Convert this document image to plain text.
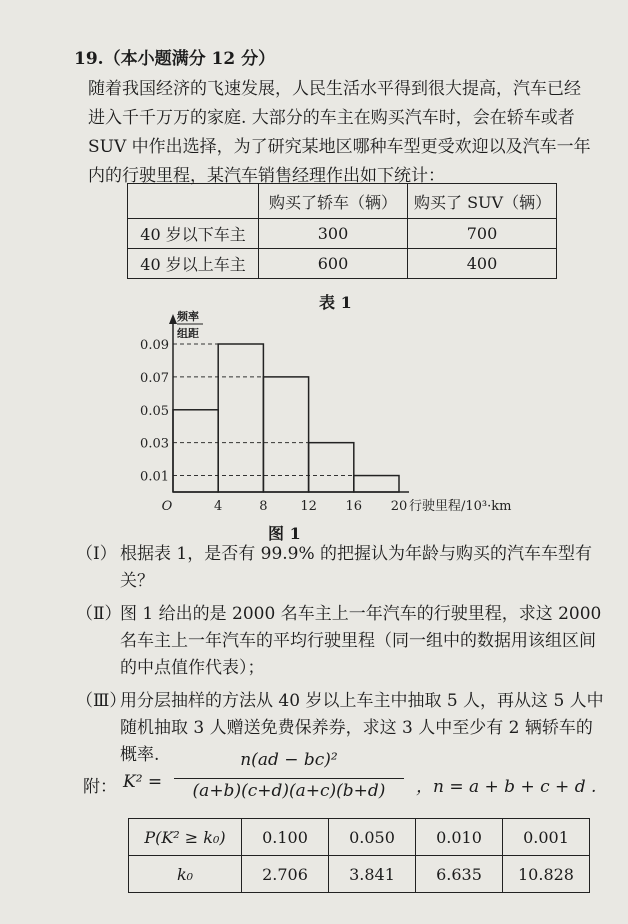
19.（本小题满分 12 分）
随着我国经济的飞速发展，人民生活水平得到很大提高，汽车已经
进入千千万万的家庭. 大部分的车主在购买汽车时，会在轿车或者
SUV 中作出选择，为了研究某地区哪种车型更受欢迎以及汽车一年
内的行驶里程，某汽车销售经理作出如下统计：
	购买了轿车（辆）	购买了 SUV（辆）
40 岁以下车主	300	700
40 岁以上车主	600	400
表 1
0.09
0.07
0.05
0.03
0.01
O	4	8	12 16 20 行驶里程/10³·km
频率
组距
图 1
（Ⅰ） 根据表 1，是否有 99.9% 的把握认为年龄与购买的汽车车型有关？
（Ⅱ）
图 1 给出的是 2000 名车主上一年汽车的行驶里程，求这 2000 名车主上一年汽车的平均行驶里程（同一组中的数据用该组区间的中点值作代表）；
（Ⅲ）
用分层抽样的方法从 40 岁以上车主中抽取 5 人，再从这 5 人中随机抽取 3 人赠送免费保养券，求这 3 人中至少有 2 辆轿车的概率.
附： K² =
n(ad − bc)²
(a+b)(c+d)(a+c)(b+d)	，n = a + b + c + d .
P(K² ≥ k₀)	0.100	0.050	0.010	0.001
k₀	2.706	3.841	6.635	10.828
